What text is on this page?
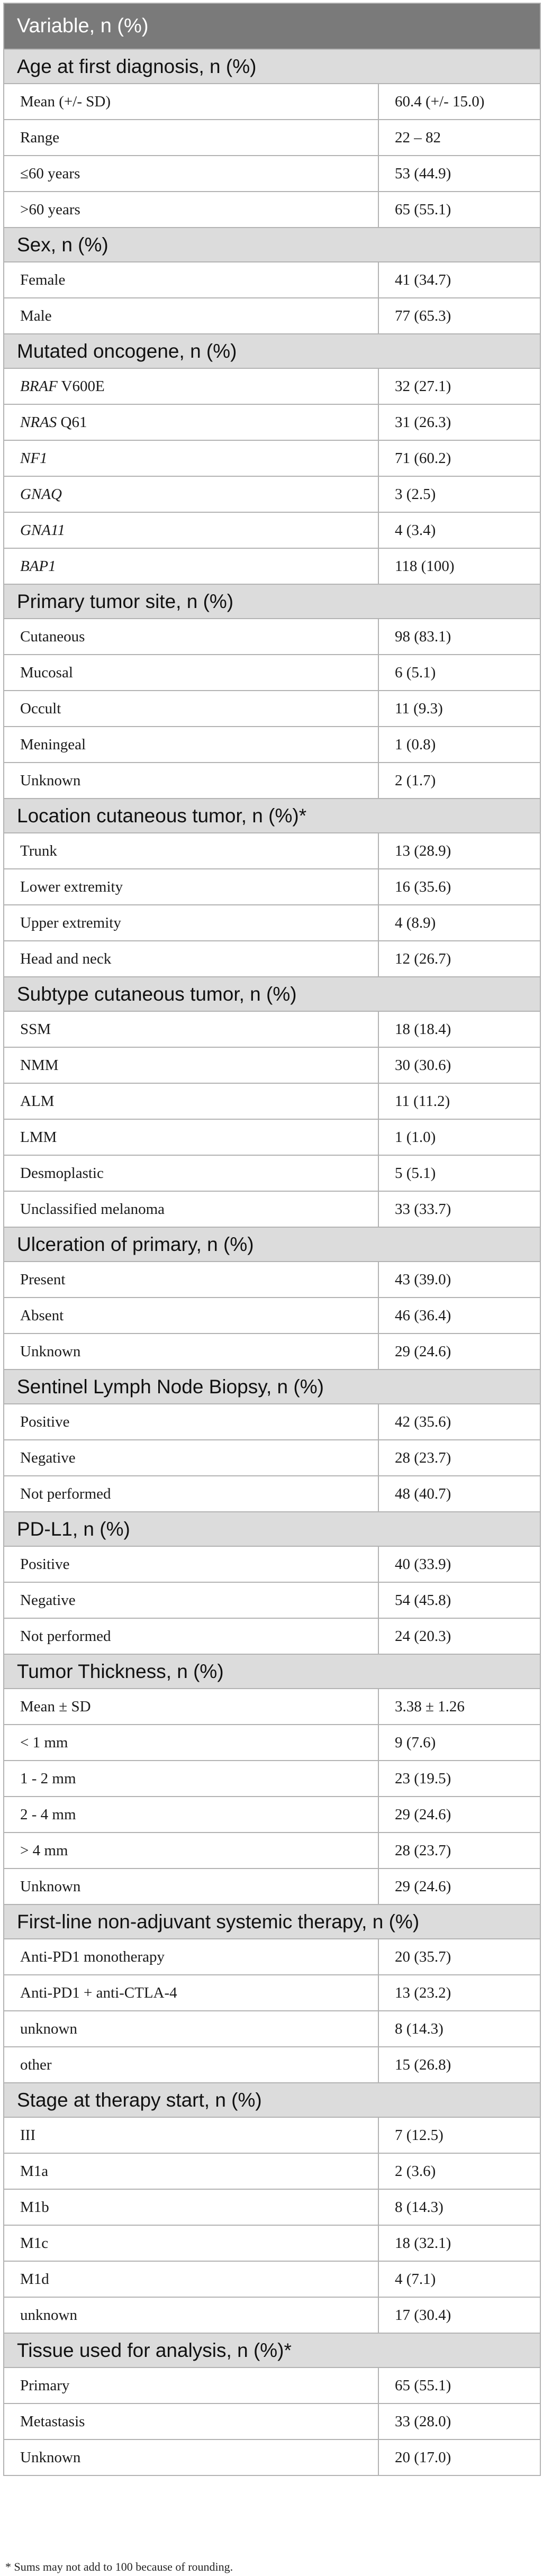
Variable, n (%)	
Age at first diagnosis, n (%)	
Mean (+/- SD)	60.4 (+/- 15.0)
Range	22 – 82
≤60 years	53 (44.9)
>60 years	65 (55.1)
Sex, n (%)	
Female	41 (34.7)
Male	77 (65.3)
Mutated oncogene, n (%)	
BRAF V600E	32 (27.1)
NRAS Q61	31 (26.3)
NF1	71 (60.2)
GNAQ	3 (2.5)
GNA11	4 (3.4)
BAP1	118 (100)
Primary tumor site, n (%)	
Cutaneous	98 (83.1)
Mucosal	6 (5.1)
Occult	11 (9.3)
Meningeal	1 (0.8)
Unknown	2 (1.7)
Location cutaneous tumor, n (%)*	
Trunk	13 (28.9)
Lower extremity	16 (35.6)
Upper extremity	4 (8.9)
Head and neck	12 (26.7)
Subtype cutaneous tumor, n (%)	
SSM	18 (18.4)
NMM	30 (30.6)
ALM	11 (11.2)
LMM	1 (1.0)
Desmoplastic	5 (5.1)
Unclassified melanoma	33 (33.7)
Ulceration of primary, n (%)	
Present	43 (39.0)
Absent	46 (36.4)
Unknown	29 (24.6)
Sentinel Lymph Node Biopsy, n (%)	
Positive	42 (35.6)
Negative	28 (23.7)
Not performed	48 (40.7)
PD-L1, n (%)	
Positive	40 (33.9)
Negative	54 (45.8)
Not performed	24 (20.3)
Tumor Thickness, n (%)	
Mean ± SD	3.38 ± 1.26
< 1 mm	9 (7.6)
1 - 2 mm	23 (19.5)
2 - 4 mm	29 (24.6)
> 4 mm	28 (23.7)
Unknown	29 (24.6)
First-line non-adjuvant systemic therapy, n (%)	
Anti-PD1 monotherapy	20 (35.7)
Anti-PD1 + anti-CTLA-4	13 (23.2)
unknown	8 (14.3)
other	15 (26.8)
Stage at therapy start, n (%)	
III	7 (12.5)
M1a	2 (3.6)
M1b	8 (14.3)
M1c	18 (32.1)
M1d	4 (7.1)
unknown	17 (30.4)
Tissue used for analysis, n (%)*	
Primary	65 (55.1)
Metastasis	33 (28.0)
Unknown	20 (17.0)
* Sums may not add to 100 because of rounding.
